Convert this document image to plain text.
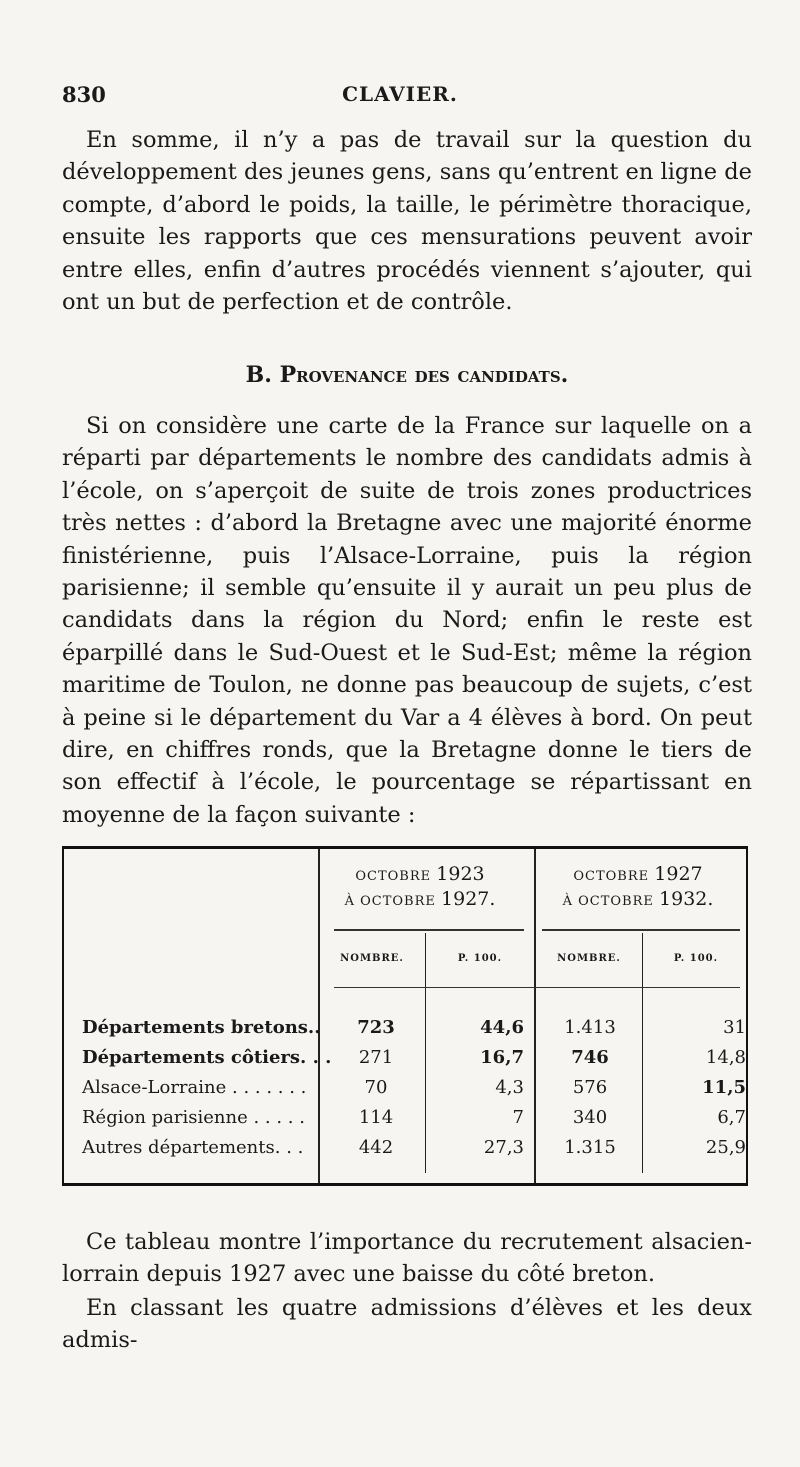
830	CLAVIER.

En somme, il n’y a pas de travail sur la question du développement des jeunes gens, sans qu’entrent en ligne de compte, d’abord le poids, la taille, le périmètre thoracique, ensuite les rapports que ces mensurations peuvent avoir entre elles, enfin d’autres procédés viennent s’ajouter, qui ont un but de perfection et de contrôle.

B. Provenance des candidats.

Si on considère une carte de la France sur laquelle on a réparti par départements le nombre des candidats admis à l’école, on s’aperçoit de suite de trois zones productrices très nettes : d’abord la Bretagne avec une majorité énorme finistérienne, puis l’Alsace-Lorraine, puis la région parisienne; il semble qu’ensuite il y aurait un peu plus de candidats dans la région du Nord; enfin le reste est éparpillé dans le Sud-Ouest et le Sud-Est; même la région maritime de Toulon, ne donne pas beaucoup de sujets, c’est à peine si le département du Var a 4 élèves à bord. On peut dire, en chiffres ronds, que la Bretagne donne le tiers de son effectif à l’école, le pourcentage se répartissant en moyenne de la façon suivante :

OCTOBRE 1923
À OCTOBRE 1927.
OCTOBRE 1927
À OCTOBRE 1932.
NOMBRE.	P. 100.	NOMBRE.	P. 100.
Départements bretons..	723	44,6	1.413	31
Départements côtiers. . .	271	16,7	746	14,8
Alsace-Lorraine . . . . . . .	70	4,3	576	11,5
Région parisienne . . . . .	114	7	340	6,7
Autres départements. . .	442	27,3	1.315	25,9

Ce tableau montre l’importance du recrutement alsacien-lorrain depuis 1927 avec une baisse du côté breton.

En classant les quatre admissions d’élèves et les deux admis-
